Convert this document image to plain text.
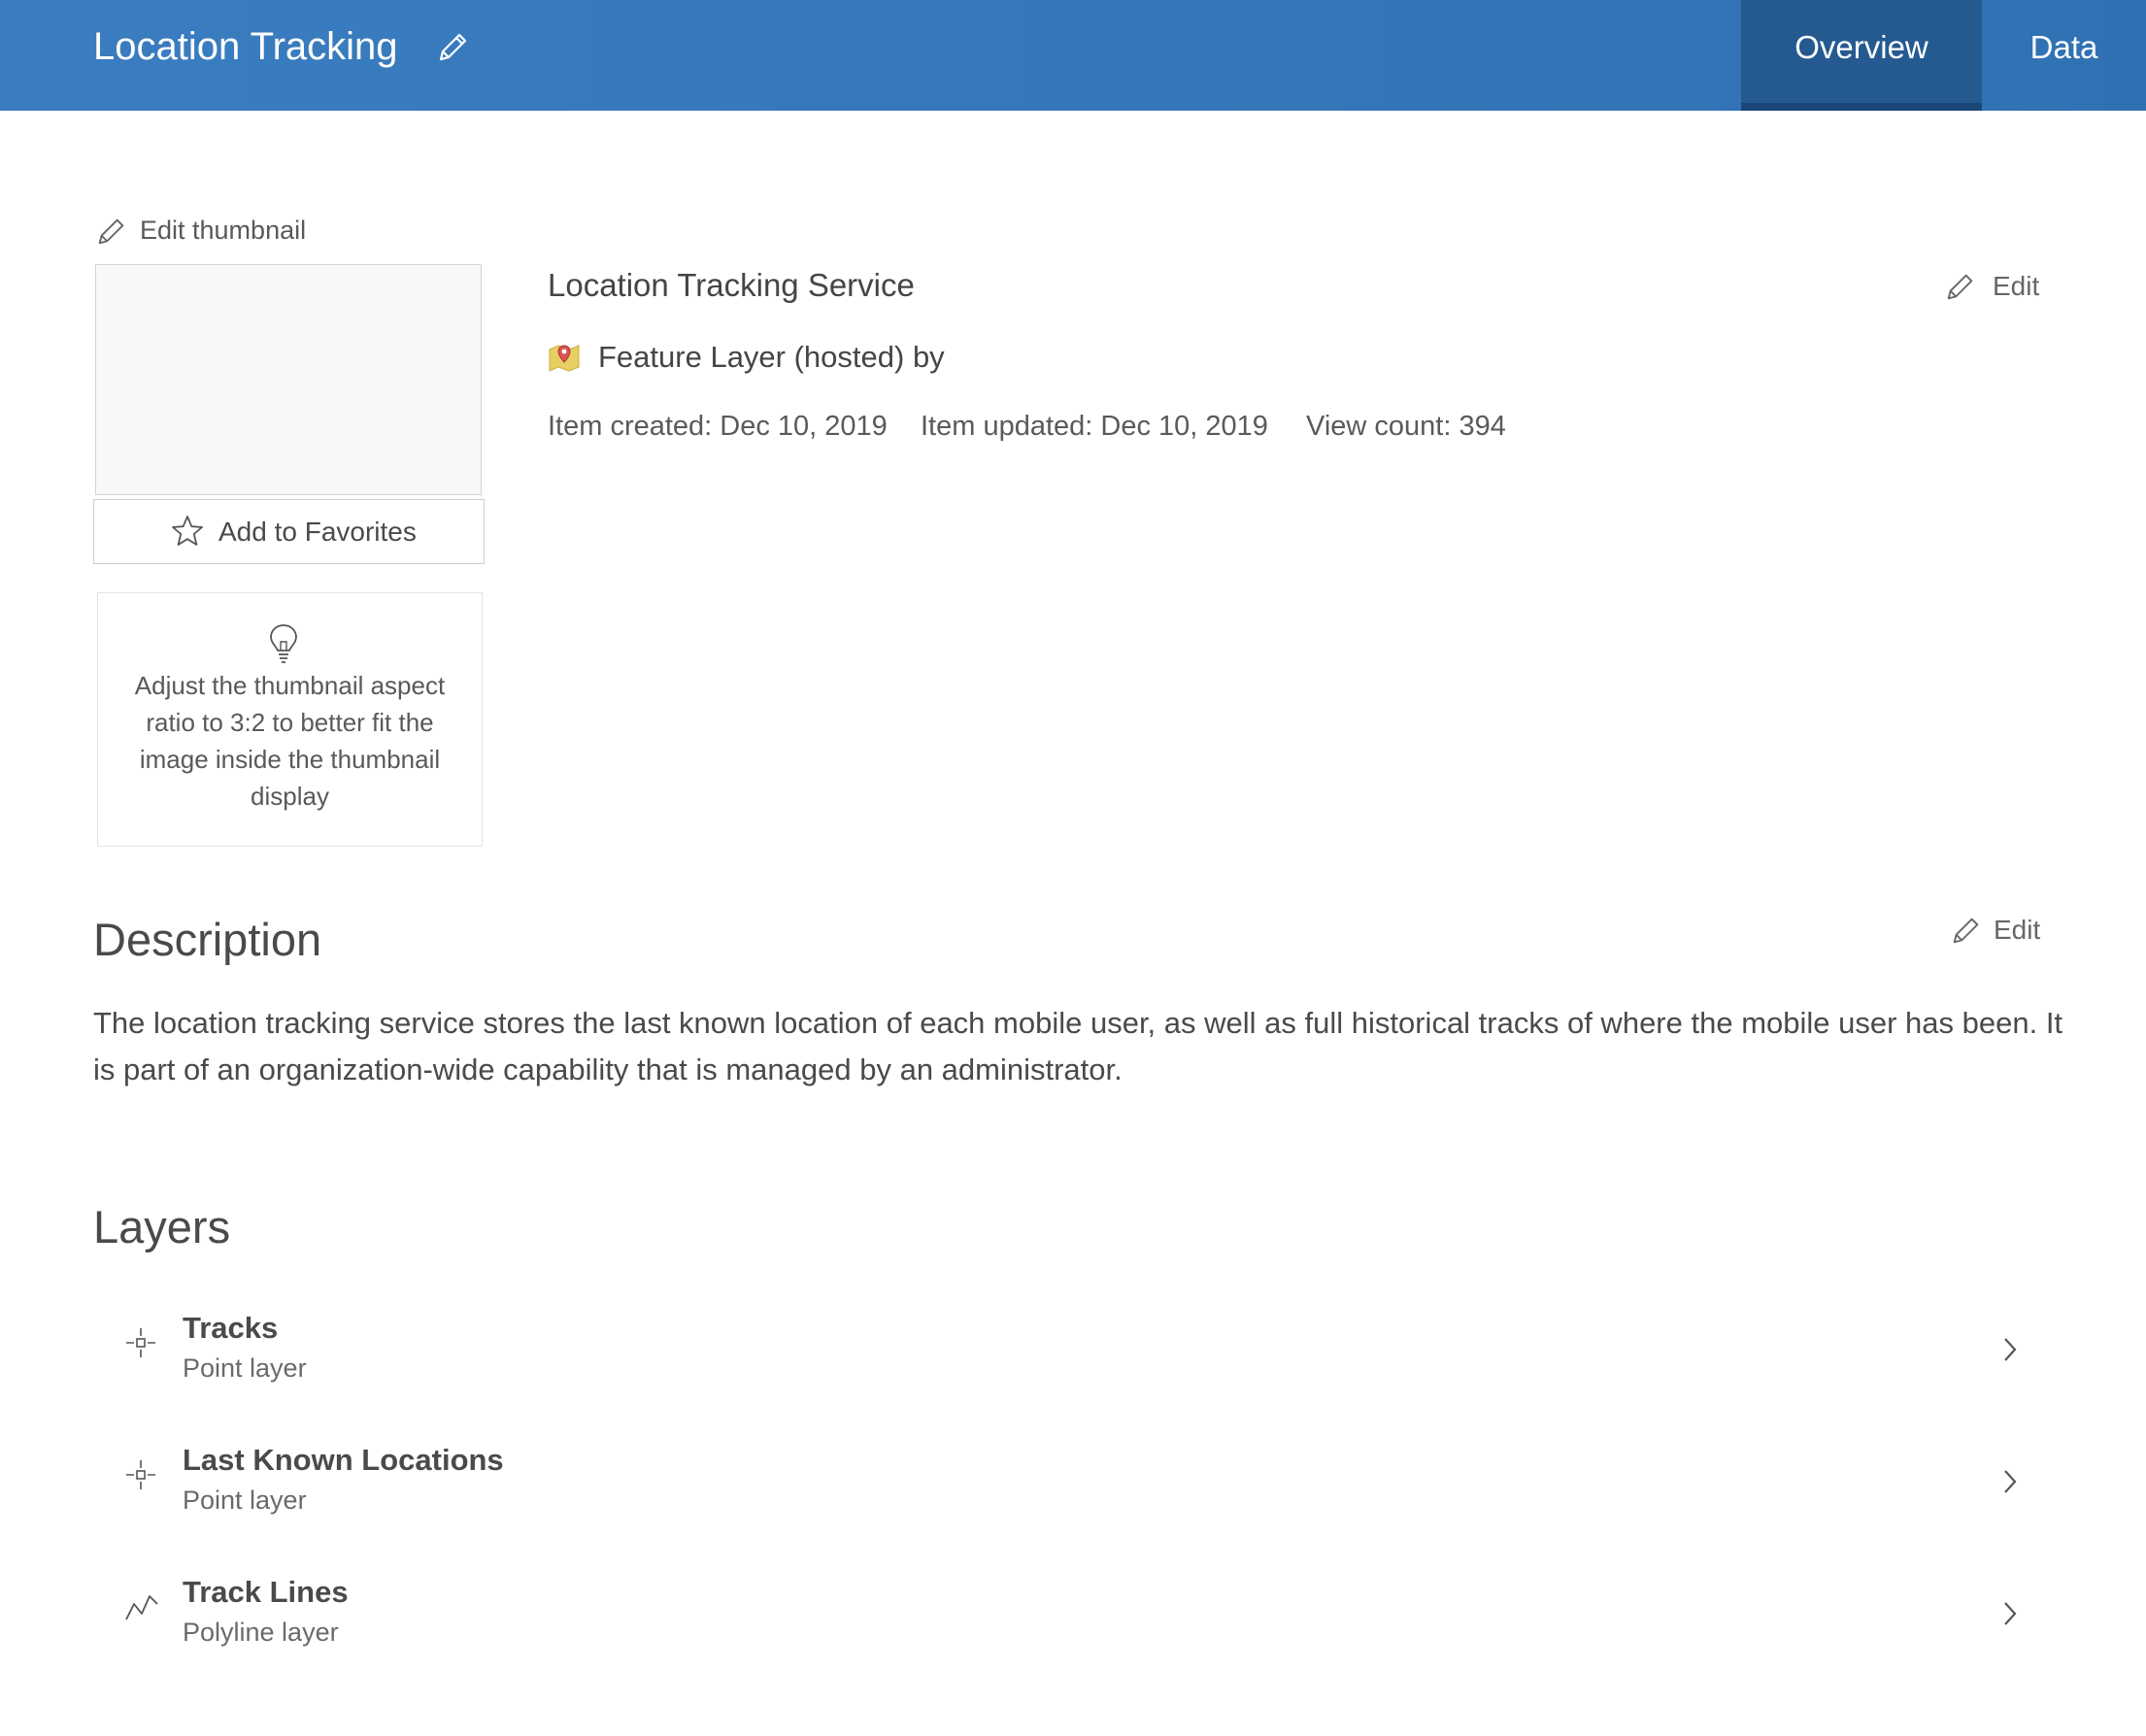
Location Tracking	Overview	Data
Edit thumbnail
Add to Favorites
Adjust the thumbnail aspect ratio to 3:2 to better fit the image inside the thumbnail display
Location Tracking Service	Edit
Feature Layer (hosted) by
Item created: Dec 10, 2019 Item updated: Dec 10, 2019 View count: 394
Description	Edit
The location tracking service stores the last known location of each mobile user, as well as full historical tracks of where the mobile user has been. It is part of an organization-wide capability that is managed by an administrator.
Layers
Tracks
Point layer
Last Known Locations
Point layer
Track Lines
Polyline layer
